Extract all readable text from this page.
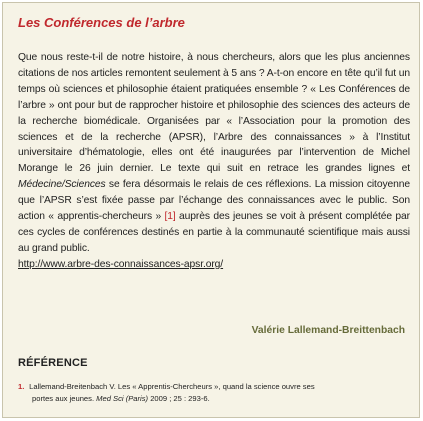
Les Conférences de l’arbre

Que nous reste-t-il de notre histoire, à nous chercheurs, alors que les plus anciennes citations de nos articles remontent seulement à 5 ans ? A-t-on encore en tête qu’il fut un temps où sciences et philosophie étaient pratiquées ensemble ? « Les Conférences de l’arbre » ont pour but de rapprocher histoire et philosophie des sciences des acteurs de la recherche biomédicale. Organisées par « l’Association pour la promotion des sciences et de la recherche (APSR), l’Arbre des connaissances » à l’Institut universitaire d’hématologie, elles ont été inaugurées par l’intervention de Michel Morange le 26 juin dernier. Le texte qui suit en retrace les grandes lignes et Médecine/Sciences se fera désormais le relais de ces réflexions. La mission citoyenne que l’APSR s’est fixée passe par l’échange des connaissances avec le public. Son action « apprentis-chercheurs » [1] auprès des jeunes se voit à présent complétée par ces cycles de conférences destinés en partie à la communauté scientifique mais aussi au grand public.
http://www.arbre-des-connaissances-apsr.org/

Valérie Lallemand-Breittenbach

RÉFÉRENCE
1. Lallemand-Breitenbach V. Les « Apprentis-Chercheurs », quand la science ouvre ses
portes aux jeunes. Med Sci (Paris) 2009 ; 25 : 293-6.
